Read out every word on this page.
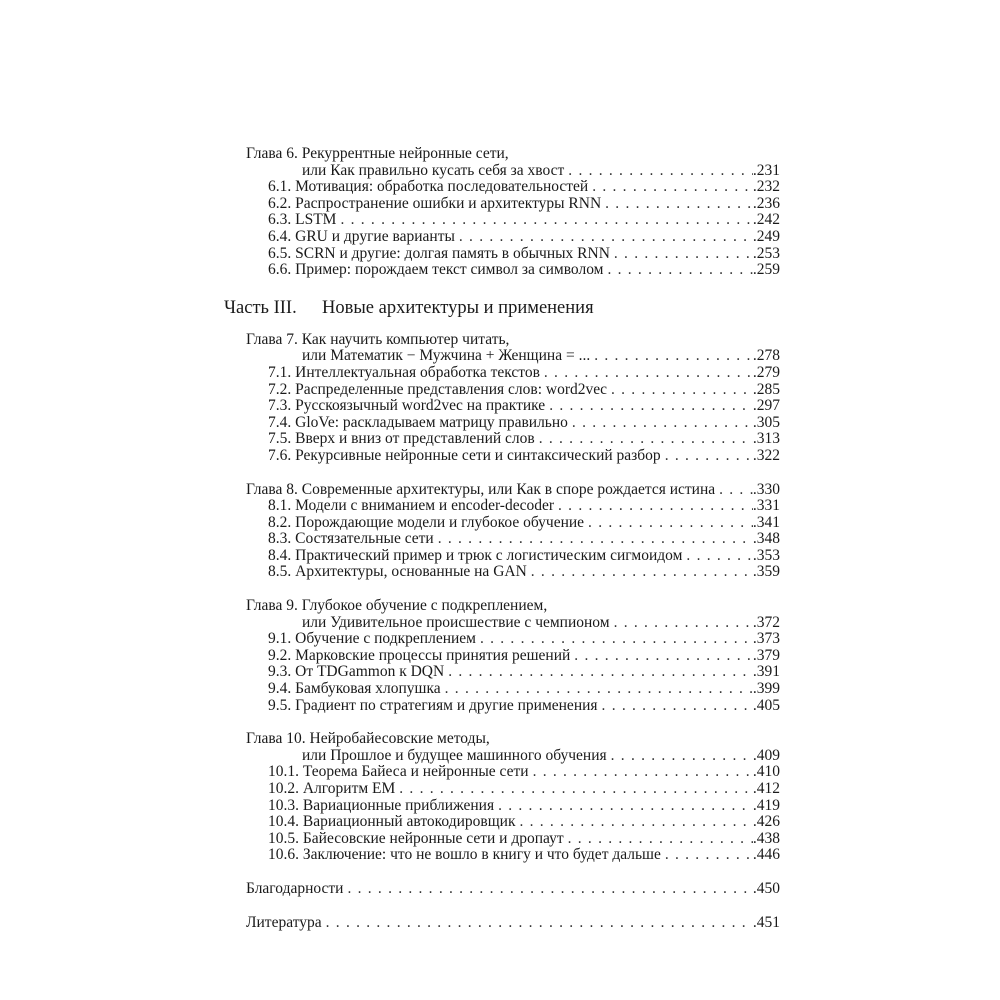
Глава 6. Рекуррентные нейронные сети,
или Как правильно кусать себя за хвост . . .	.231
6.1. Мотивация: обработка последовательностей . . .	.232
6.2. Распространение ошибки и архитектуры RNN . . .	.236
6.3. LSTM . . .	.242
6.4. GRU и другие варианты . . .	.249
6.5. SCRN и другие: долгая память в обычных RNN . . .	.253
6.6. Пример: порождаем текст символ за символом . . .	.259
Часть III. Новые архитектуры и применения
Глава 7. Как научить компьютер читать,
или Математик − Мужчина + Женщина = ... . . .	.278
7.1. Интеллектуальная обработка текстов . . .	.279
7.2. Распределенные представления слов: word2vec . . .	.285
7.3. Русскоязычный word2vec на практике . . .	.297
7.4. GloVe: раскладываем матрицу правильно . . .	.305
7.5. Вверх и вниз от представлений слов . . .	.313
7.6. Рекурсивные нейронные сети и синтаксический разбор . . .	.322
Глава 8. Современные архитектуры, или Как в споре рождается истина . . . .330
8.1. Модели с вниманием и encoder-decoder . . .	.331
8.2. Порождающие модели и глубокое обучение . . .	.341
8.3. Состязательные сети . . .	.348
8.4. Практический пример и трюк с логистическим сигмоидом . . .	.353
8.5. Архитектуры, основанные на GAN . . .	.359
Глава 9. Глубокое обучение с подкреплением,
или Удивительное происшествие с чемпионом . . .	.372
9.1. Обучение с подкреплением . . .	.373
9.2. Марковские процессы принятия решений . . .	.379
9.3. От TDGammon к DQN . . .	.391
9.4. Бамбуковая хлопушка . . .	.399
9.5. Градиент по стратегиям и другие применения . . .	.405
Глава 10. Нейробайесовские методы,
или Прошлое и будущее машинного обучения . . .	.409
10.1. Теорема Байеса и нейронные сети . . .	.410
10.2. Алгоритм EM . . .	.412
10.3. Вариационные приближения . . .	.419
10.4. Вариационный автокодировщик . . .	.426
10.5. Байесовские нейронные сети и дропаут . . .	.438
10.6. Заключение: что не вошло в книгу и что будет дальше . . .	.446
Благодарности . . .	.450
Литература . . .	.451
